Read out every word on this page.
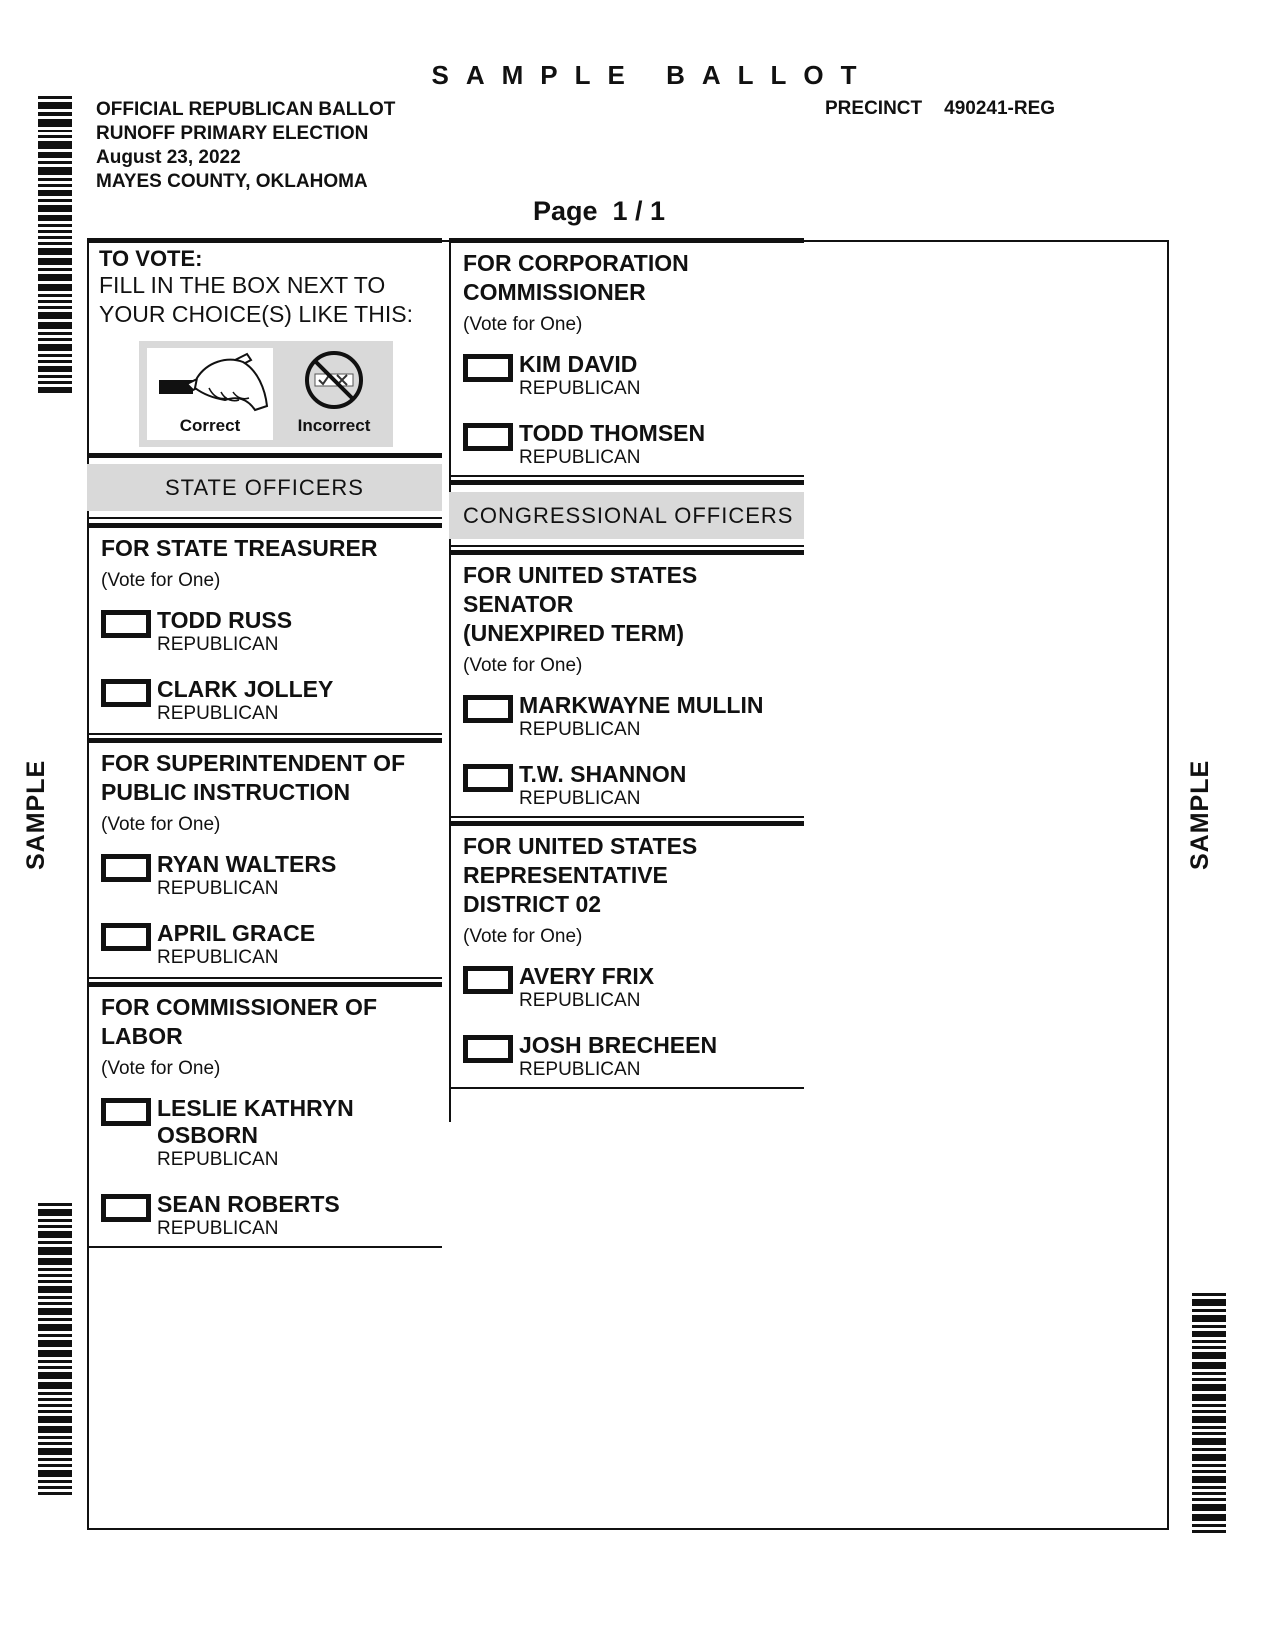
SAMPLE BALLOT
OFFICIAL REPUBLICAN BALLOT
RUNOFF PRIMARY ELECTION
August 23, 2022
MAYES COUNTY, OKLAHOMA
PRECINCT 490241-REG
Page  1 / 1
SAMPLE	SAMPLE
TO VOTE:
FILL IN THE BOX NEXT TO
YOUR CHOICE(S) LIKE THIS:
Correct	Incorrect
STATE OFFICERS
FOR STATE TREASURER
(Vote for One)
TODD RUSS
REPUBLICAN
CLARK JOLLEY
REPUBLICAN
FOR SUPERINTENDENT OF
PUBLIC INSTRUCTION
(Vote for One)
RYAN WALTERS
REPUBLICAN
APRIL GRACE
REPUBLICAN
FOR COMMISSIONER OF
LABOR
(Vote for One)
LESLIE KATHRYN
OSBORN
REPUBLICAN
SEAN ROBERTS
REPUBLICAN
FOR CORPORATION
COMMISSIONER
(Vote for One)
KIM DAVID
REPUBLICAN
TODD THOMSEN
REPUBLICAN
CONGRESSIONAL OFFICERS
FOR UNITED STATES
SENATOR
(UNEXPIRED TERM)
(Vote for One)
MARKWAYNE MULLIN
REPUBLICAN
T.W. SHANNON
REPUBLICAN
FOR UNITED STATES
REPRESENTATIVE
DISTRICT 02
(Vote for One)
AVERY FRIX
REPUBLICAN
JOSH BRECHEEN
REPUBLICAN
